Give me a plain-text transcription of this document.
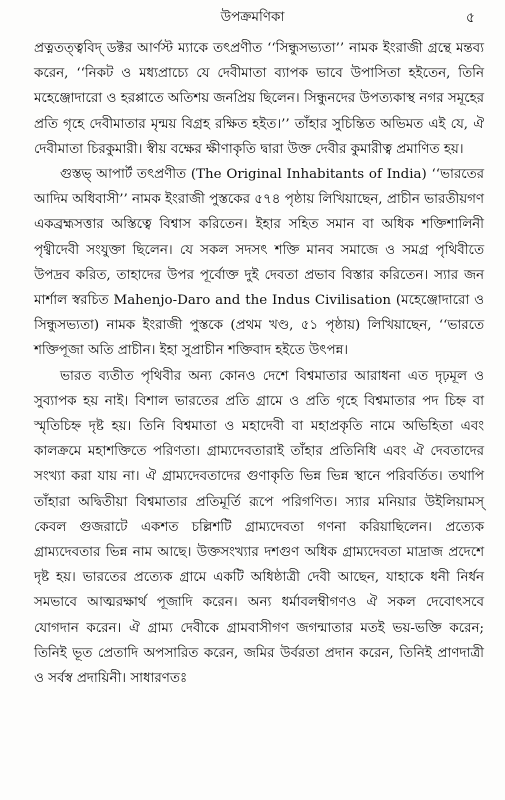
উপক্রমণিকা	৫

প্রত্নতত্ত্ববিদ্ ডক্টর আর্ণস্ট ম্যাকে তৎপ্রণীত ‘‘সিন্ধুসভ্যতা’’ নামক ইংরাজী গ্রন্থে মন্তব্য করেন, ‘‘নিকট ও মধ্যপ্রাচ্যে যে দেবীমাতা ব্যাপক ভাবে উপাসিতা হইতেন, তিনি মহেঞ্জোদারো ও হরপ্পাতে অতিশয় জনপ্রিয় ছিলেন। সিন্ধুনদের উপত্যকাস্থ নগর সমূহের প্রতি গৃহে দেবীমাতার মৃন্ময় বিগ্রহ রক্ষিত হইত।’’ তাঁহার সুচিন্তিত অভিমত এই যে, ঐ দেবীমাতা চিরকুমারী। স্বীয় বক্ষের ক্ষীণাকৃতি দ্বারা উক্ত দেবীর কুমারীত্ব প্রমাণিত হয়।

গুস্তভ্ আপার্ট তৎপ্রণীত (The Original Inhabitants of India) ‘‘ভারতের আদিম অধিবাসী’’ নামক ইংরাজী পুস্তকের ৫৭৪ পৃষ্ঠায় লিখিয়াছেন, প্রাচীন ভারতীয়গণ একব্রহ্মসত্তার অস্তিত্বে বিশ্বাস করিতেন। ইহার সহিত সমান বা অধিক শক্তিশালিনী পৃথ্বীদেবী সংযুক্তা ছিলেন। যে সকল সদসৎ শক্তি মানব সমাজে ও সমগ্র পৃথিবীতে উপদ্রব করিত, তাহাদের উপর পূর্বোক্ত দুই দেবতা প্রভাব বিস্তার করিতেন। স্যার জন মার্শাল স্বরচিত Mahenjo-Daro and the Indus Civilisation (মহেঞ্জোদারো ও সিন্ধুসভ্যতা) নামক ইংরাজী পুস্তকে (প্রথম খণ্ড, ৫১ পৃষ্ঠায়) লিখিয়াছেন, ‘‘ভারতে শক্তিপূজা অতি প্রাচীন। ইহা সুপ্রাচীন শক্তিবাদ হইতে উৎপন্ন।

ভারত ব্যতীত পৃথিবীর অন্য কোনও দেশে বিশ্বমাতার আরাধনা এত দৃঢ়মূল ও সুব্যাপক হয় নাই। বিশাল ভারতের প্রতি গ্রামে ও প্রতি গৃহে বিশ্বমাতার পদ চিহ্ন বা স্মৃতিচিহ্ন দৃষ্ট হয়। তিনি বিশ্বমাতা ও মহাদেবী বা মহাপ্রকৃতি নামে অভিহিতা এবং কালক্রমে মহাশক্তিতে পরিণতা। গ্রাম্যদেবতারাই তাঁহার প্রতিনিধি এবং ঐ দেবতাদের সংখ্যা করা যায় না। ঐ গ্রাম্যদেবতাদের গুণাকৃতি ভিন্ন ভিন্ন স্থানে পরিবর্তিত। তথাপি তাঁহারা অদ্বিতীয়া বিশ্বমাতার প্রতিমূর্তি রূপে পরিগণিত। স্যার মনিয়ার উইলিয়ামস্ কেবল গুজরাটে একশত চল্লিশটি গ্রাম্যদেবতা গণনা করিয়াছিলেন। প্রত্যেক গ্রাম্যদেবতার ভিন্ন নাম আছে। উক্তসংখ্যার দশগুণ অধিক গ্রাম্যদেবতা মাদ্রাজ প্রদেশে দৃষ্ট হয়। ভারতের প্রত্যেক গ্রামে একটি অধিষ্ঠাত্রী দেবী আছেন, যাহাকে ধনী নির্ধন সমভাবে আত্মরক্ষার্থ পূজাদি করেন। অন্য ধর্মাবলম্বীগণও ঐ সকল দেবোৎসবে যোগদান করেন। ঐ গ্রাম্য দেবীকে গ্রামবাসীগণ জগন্মাতার মতই ভয়-ভক্তি করেন; তিনিই ভূত প্রেতাদি অপসারিত করেন, জমির উর্বরতা প্রদান করেন, তিনিই প্রাণদাত্রী ও সর্বস্ব প্রদায়িনী। সাধারণতঃ
